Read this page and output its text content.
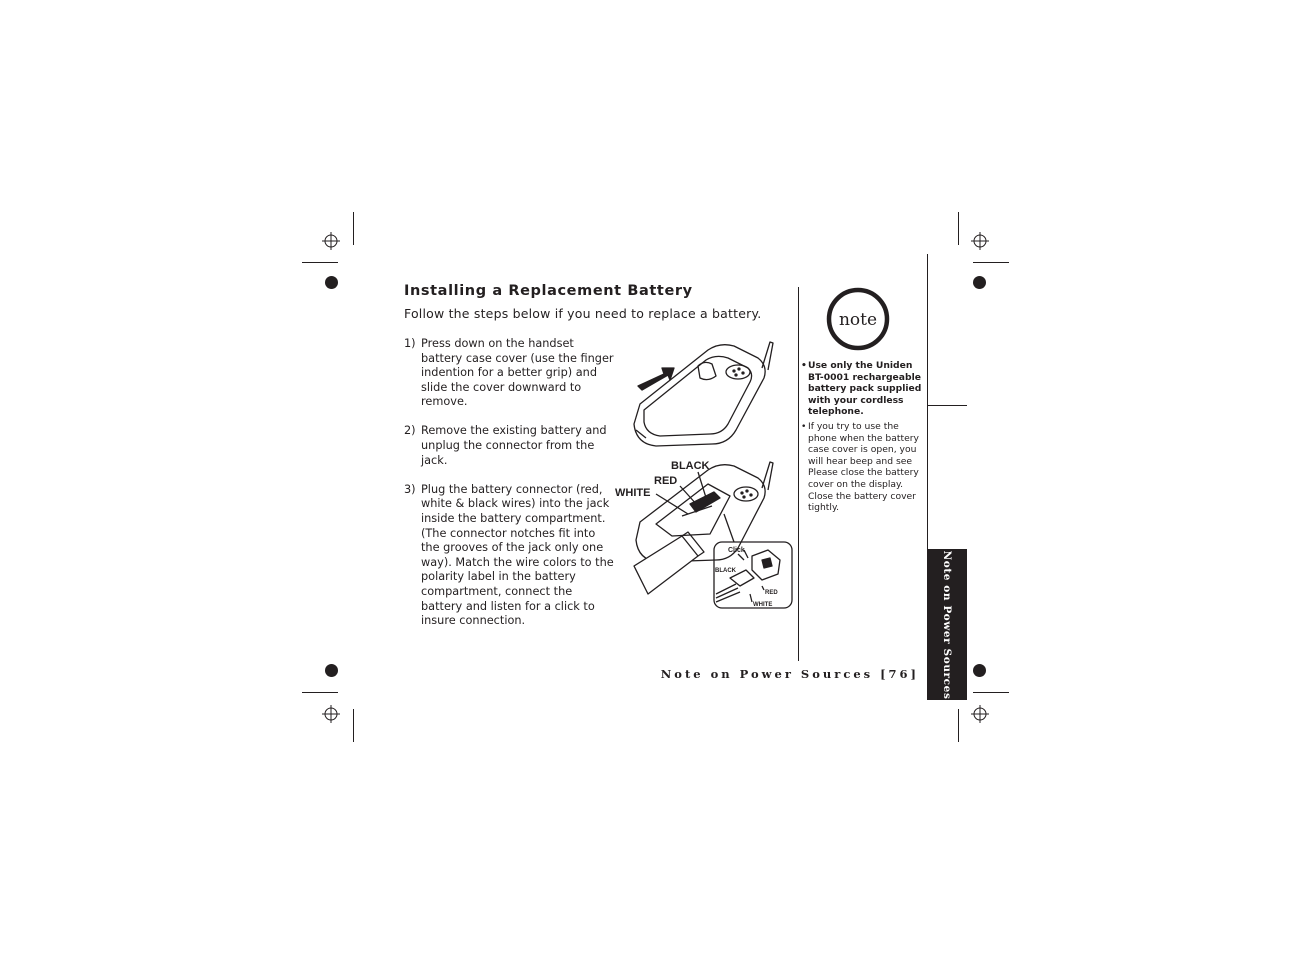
Installing a Replacement Battery
Follow the steps below if you need to replace a battery.
1) Press down on the handset battery case cover (use the finger indention for a better grip) and slide the cover downward to remove.
2) Remove the existing battery and unplug the connector from the jack.
3) Plug the battery connector (red, white & black wires) into the jack inside the battery compartment. (The connector notches fit into the grooves of the jack only one way). Match the wire colors to the polarity label in the battery compartment, connect the battery and listen for a click to insure connection.
BLACK
RED
WHITE
Click
BLACK
RED
WHITE
note
• Use only the Uniden BT-0001 rechargeable battery pack supplied with your cordless telephone.
• If you try to use the phone when the battery case cover is open, you will hear beep and see Please close the battery cover on the display. Close the battery cover tightly.
Note on Power Sources [76] Note on Power Sources
